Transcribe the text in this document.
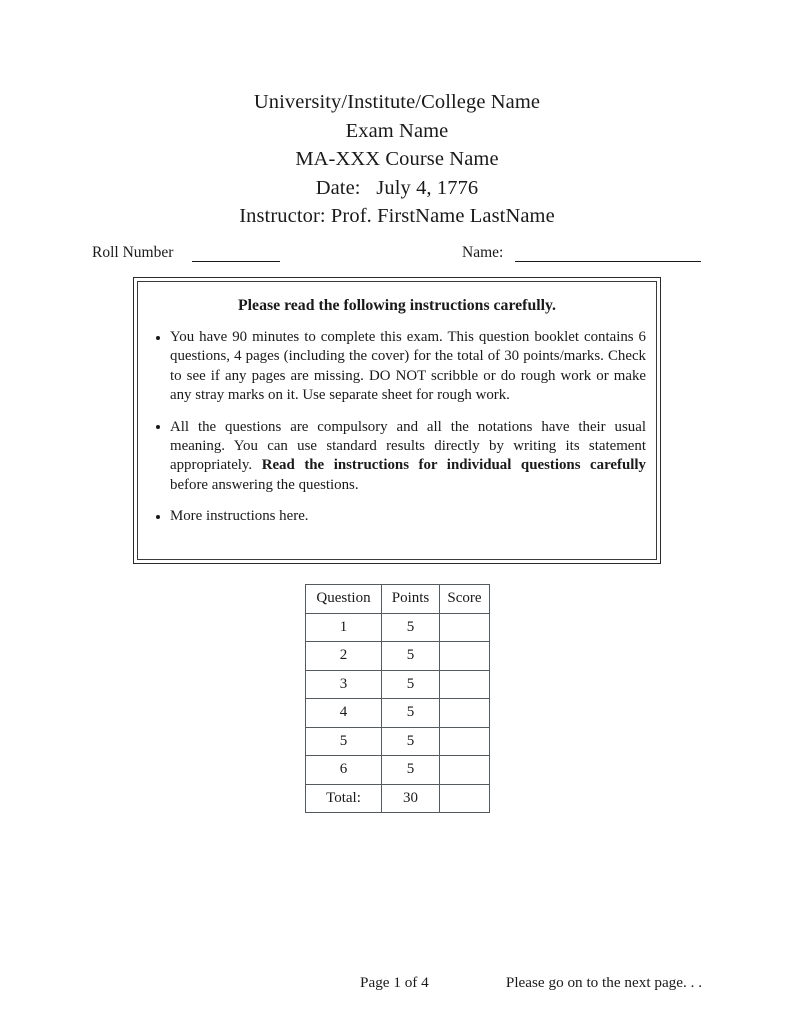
University/Institute/College Name
Exam Name
MA-XXX Course Name
Date:   July 4, 1776
Instructor: Prof. FirstName LastName
Roll Number	Name:
Please read the following instructions carefully.
You have 90 minutes to complete this exam. This question booklet contains 6 questions, 4 pages (including the cover) for the total of 30 points/marks. Check to see if any pages are missing. DO NOT scribble or do rough work or make any stray marks on it. Use separate sheet for rough work.
All the questions are compulsory and all the notations have their usual meaning. You can use standard results directly by writing its statement appropriately. Read the instructions for individual questions carefully before answering the questions.
More instructions here.
Question	Points	Score
1	5	
2	5	
3	5	
4	5	
5	5	
6	5	
Total:	30	
Page 1 of 4	Please go on to the next page. . .
